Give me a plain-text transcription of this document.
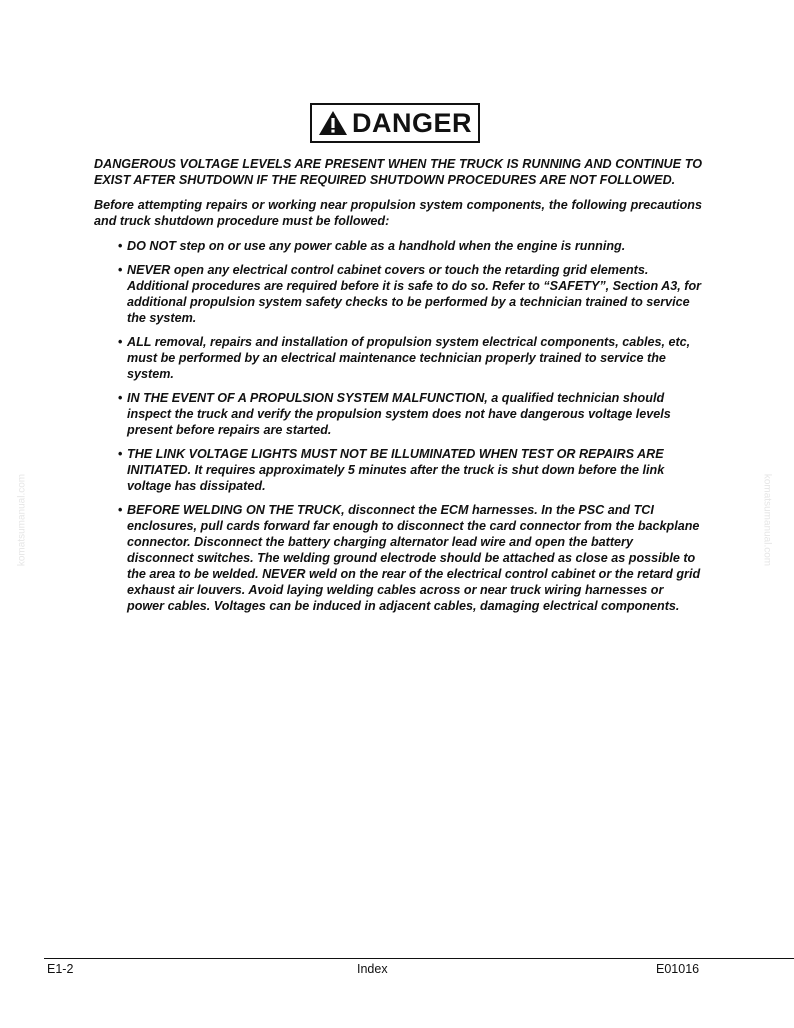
DANGER

DANGEROUS VOLTAGE LEVELS ARE PRESENT WHEN THE TRUCK IS RUNNING AND CONTINUE TO EXIST AFTER SHUTDOWN IF THE REQUIRED SHUTDOWN PROCEDURES ARE NOT FOLLOWED.

Before attempting repairs or working near propulsion system components, the following precautions and truck shutdown procedure must be followed:

• DO NOT step on or use any power cable as a handhold when the engine is running.
• NEVER open any electrical control cabinet covers or touch the retarding grid elements. Additional procedures are required before it is safe to do so. Refer to “SAFETY”, Section A3, for additional propulsion system safety checks to be performed by a technician trained to service the system.
• ALL removal, repairs and installation of propulsion system electrical components, cables, etc, must be performed by an electrical maintenance technician properly trained to service the system.
• IN THE EVENT OF A PROPULSION SYSTEM MALFUNCTION, a qualified technician should inspect the truck and verify the propulsion system does not have dangerous voltage levels present before repairs are started.
• THE LINK VOLTAGE LIGHTS MUST NOT BE ILLUMINATED WHEN TEST OR REPAIRS ARE INITIATED. It requires approximately 5 minutes after the truck is shut down before the link voltage has dissipated.
• BEFORE WELDING ON THE TRUCK, disconnect the ECM harnesses. In the PSC and TCI enclosures, pull cards forward far enough to disconnect the card connector from the backplane connector. Disconnect the battery charging alternator lead wire and open the battery disconnect switches. The welding ground electrode should be attached as close as possible to the area to be welded. NEVER weld on the rear of the electrical control cabinet or the retard grid exhaust air louvers. Avoid laying welding cables across or near truck wiring harnesses or power cables. Voltages can be induced in adjacent cables, damaging electrical components.
komatsumanual.com	komatsumanual.com
E1-2	Index	E01016
